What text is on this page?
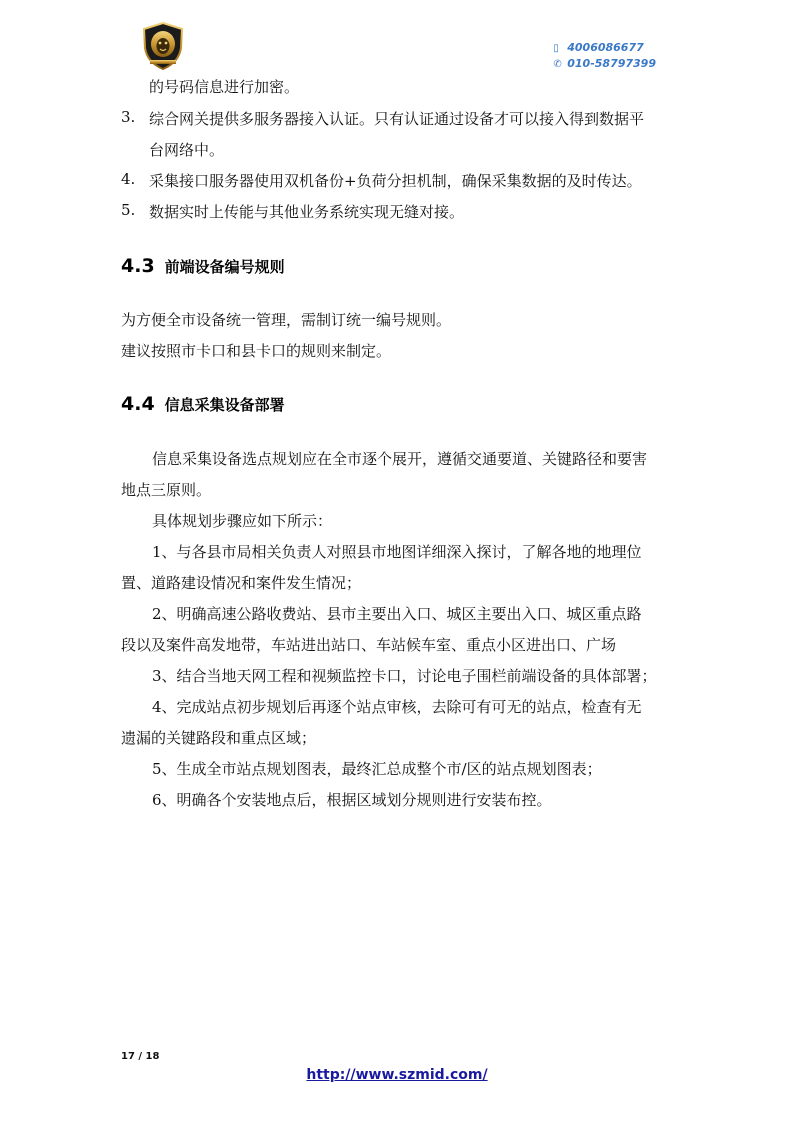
▯ 4006086677
✆ 010-58797399
的号码信息进行加密。
3. 综合网关提供多服务器接入认证。只有认证通过设备才可以接入得到数据平
台网络中。
4. 采集接口服务器使用双机备份+负荷分担机制，确保采集数据的及时传达。
5. 数据实时上传能与其他业务系统实现无缝对接。
4.3 前端设备编号规则
为方便全市设备统一管理，需制订统一编号规则。
建议按照市卡口和县卡口的规则来制定。
4.4 信息采集设备部署
信息采集设备选点规划应在全市逐个展开，遵循交通要道、关键路径和要害
地点三原则。
具体规划步骤应如下所示：
1、与各县市局相关负责人对照县市地图详细深入探讨，了解各地的地理位
置、道路建设情况和案件发生情况；
2、明确高速公路收费站、县市主要出入口、城区主要出入口、城区重点路
段以及案件高发地带，车站进出站口、车站候车室、重点小区进出口、广场
3、结合当地天网工程和视频监控卡口，讨论电子围栏前端设备的具体部署；
4、完成站点初步规划后再逐个站点审核，去除可有可无的站点，检查有无
遗漏的关键路段和重点区域；
5、生成全市站点规划图表，最终汇总成整个市/区的站点规划图表；
6、明确各个安装地点后，根据区域划分规则进行安装布控。
17 / 18
http://www.szmid.com/
